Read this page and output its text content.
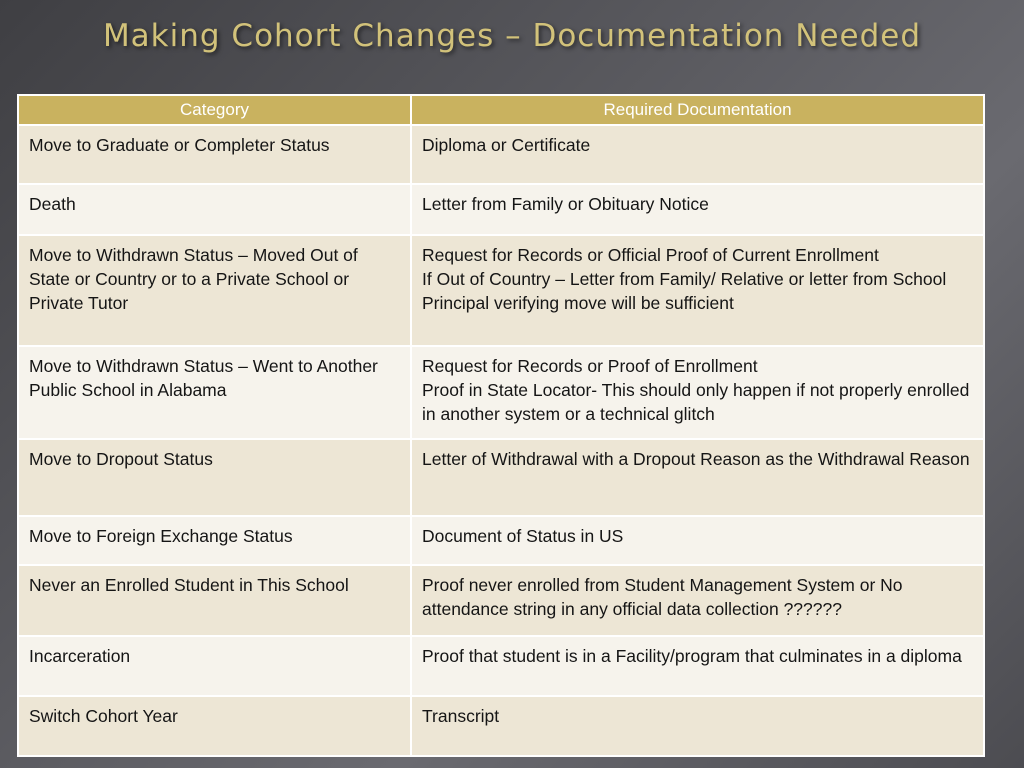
Making Cohort Changes – Documentation Needed
Category	Required Documentation
Move to Graduate or Completer Status	Diploma or Certificate

Death	Letter from Family or Obituary Notice

Move to Withdrawn Status – Moved Out of State or Country or to a Private School or Private Tutor	Request for Records or Official Proof of Current Enrollment
If Out of Country – Letter from Family/ Relative or letter from School Principal verifying move will be sufficient

Move to Withdrawn Status – Went to Another Public School in Alabama	Request for Records or Proof of Enrollment
Proof in State Locator- This should only happen if not properly enrolled in another system or a technical glitch

Move to Dropout Status	Letter of Withdrawal with a Dropout Reason as the Withdrawal Reason

Move to Foreign Exchange Status	Document of Status in US

Never an Enrolled Student in This School	Proof never enrolled from Student Management System or No attendance string in any official data collection ??????

Incarceration	Proof that student is in a Facility/program that culminates in a diploma

Switch Cohort Year	Transcript
